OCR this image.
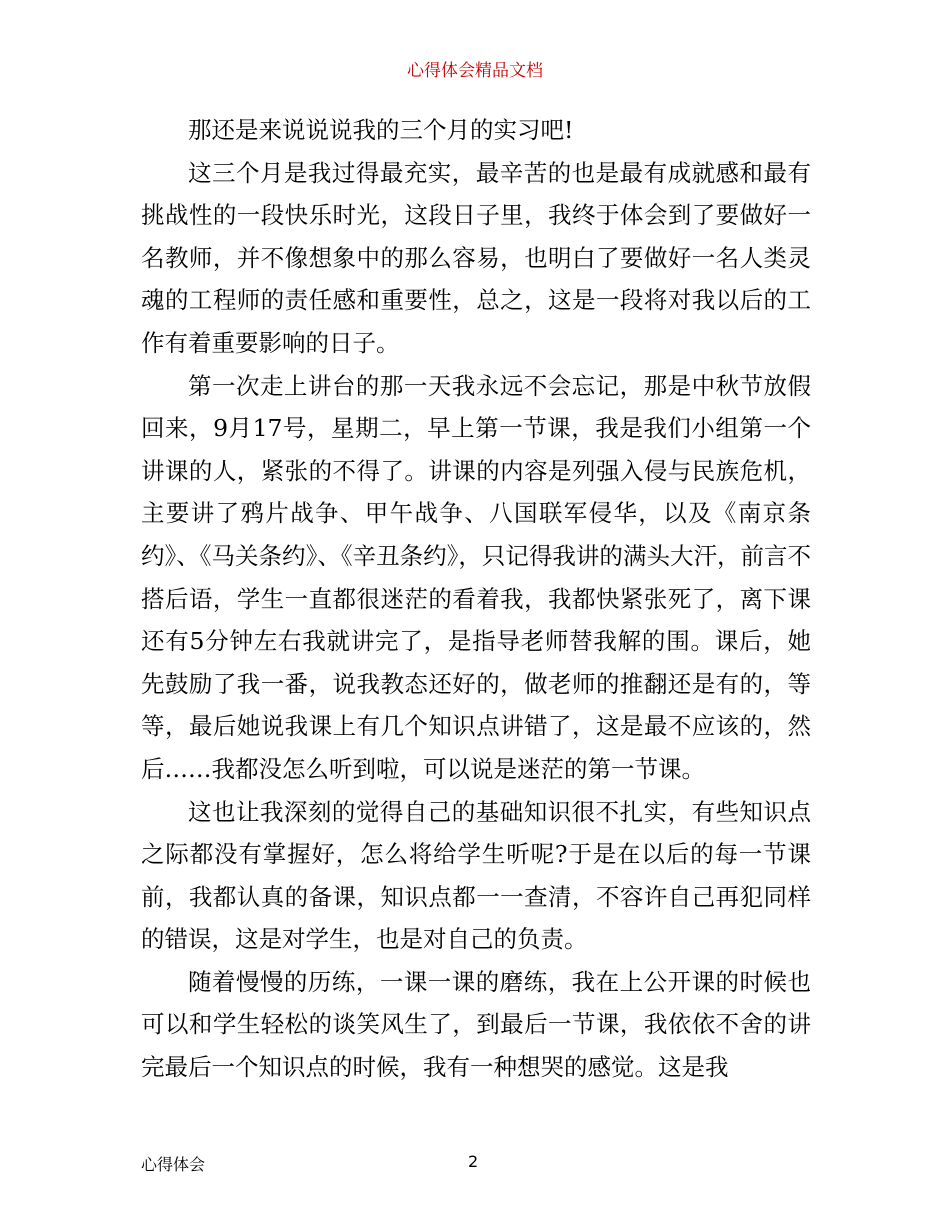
心得体会精品文档

那还是来说说说我的三个月的实习吧!

这三个月是我过得最充实，最辛苦的也是最有成就感和最有挑战性的一段快乐时光，这段日子里，我终于体会到了要做好一名教师，并不像想象中的那么容易，也明白了要做好一名人类灵魂的工程师的责任感和重要性，总之，这是一段将对我以后的工作有着重要影响的日子。

第一次走上讲台的那一天我永远不会忘记，那是中秋节放假回来，9月17号，星期二，早上第一节课，我是我们小组第一个讲课的人，紧张的不得了。讲课的内容是列强入侵与民族危机，主要讲了鸦片战争、甲午战争、八国联军侵华，以及《南京条约》、《马关条约》、《辛丑条约》，只记得我讲的满头大汗，前言不搭后语，学生一直都很迷茫的看着我，我都快紧张死了，离下课还有5分钟左右我就讲完了，是指导老师替我解的围。课后，她先鼓励了我一番，说我教态还好的，做老师的推翻还是有的，等等，最后她说我课上有几个知识点讲错了，这是最不应该的，然后……我都没怎么听到啦，可以说是迷茫的第一节课。

这也让我深刻的觉得自己的基础知识很不扎实，有些知识点之际都没有掌握好，怎么将给学生听呢?于是在以后的每一节课前，我都认真的备课，知识点都一一查清，不容许自己再犯同样的错误，这是对学生，也是对自己的负责。

随着慢慢的历练，一课一课的磨练，我在上公开课的时候也可以和学生轻松的谈笑风生了，到最后一节课，我依依不舍的讲完最后一个知识点的时候，我有一种想哭的感觉。这是我

心得体会	2
